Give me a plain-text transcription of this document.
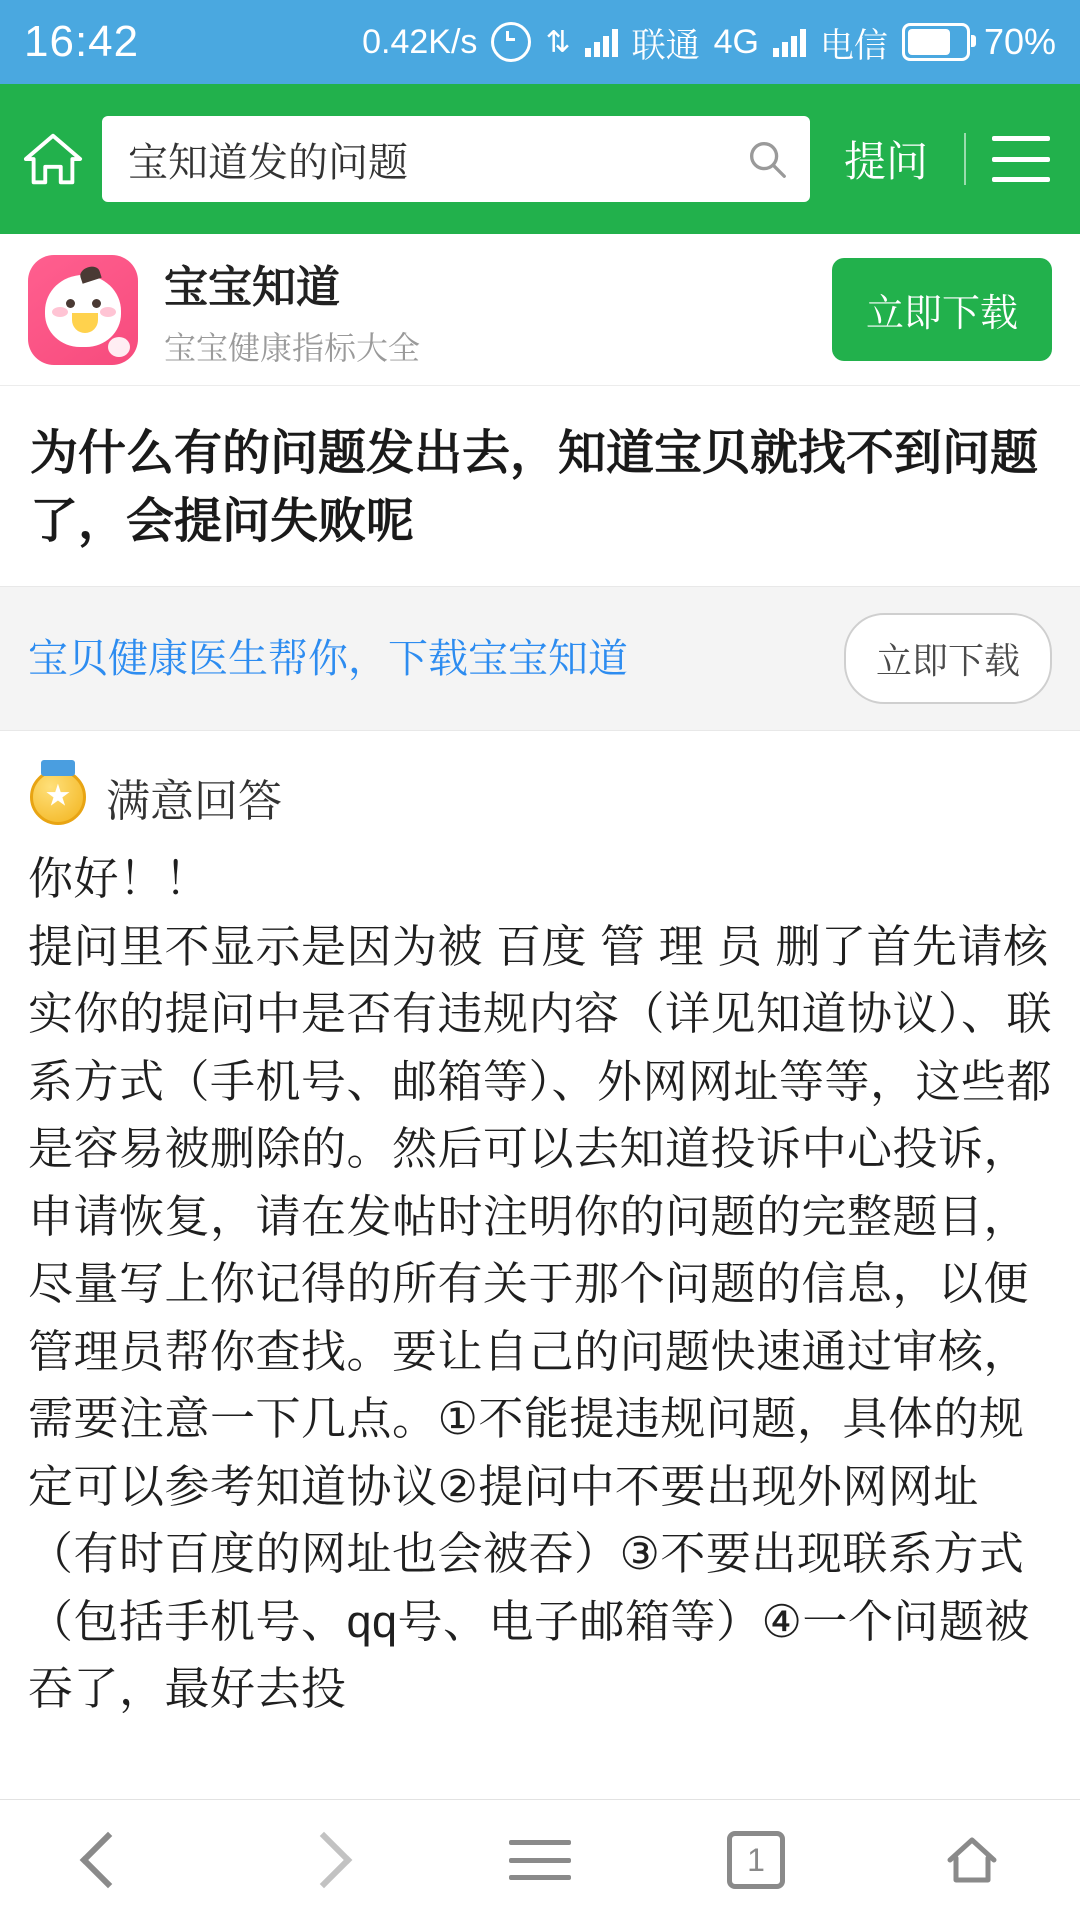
16:42	0.42K/s ⇅ 联通 4G 电信	70%
宝知道发的问题	提问
宝宝知道
宝宝健康指标大全
立即下载
为什么有的问题发出去，知道宝贝就找不到问题了，会提问失败呢
宝贝健康医生帮你，下载宝宝知道	立即下载
★
满意回答

你好！！

提问里不显示是因为被 百度 管 理 员 删了首先请核实你的提问中是否有违规内容（详见知道协议）、联系方式（手机号、邮箱等）、外网网址等等，这些都是容易被删除的。然后可以去知道投诉中心投诉，申请恢复，请在发帖时注明你的问题的完整题目，尽量写上你记得的所有关于那个问题的信息，以便管理员帮你查找。要让自己的问题快速通过审核，需要注意一下几点。①不能提违规问题，具体的规定可以参考知道协议②提问中不要出现外网网址（有时百度的网址也会被吞）③不要出现联系方式（包括手机号、qq号、电子邮箱等）④一个问题被吞了，最好去投

1
